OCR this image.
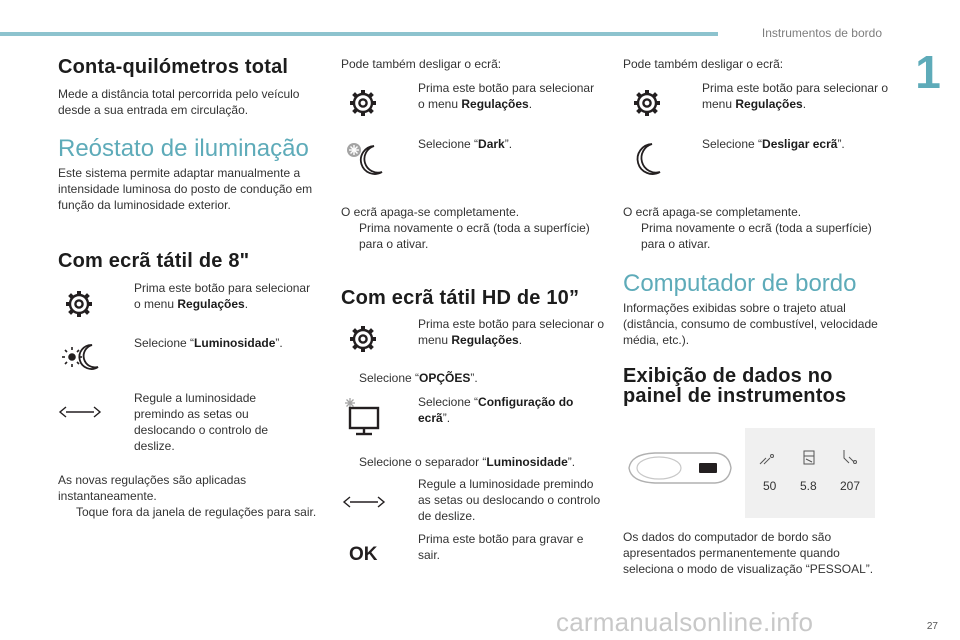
Instrumentos de bordo
1
Conta-quilómetros total
Mede a distância total percorrida pelo veículo desde a sua entrada em circulação.
Reóstato de iluminação
Este sistema permite adaptar manualmente a intensidade luminosa do posto de condução em função da luminosidade exterior.
Com ecrã tátil de 8"
Prima este botão para selecionar o menu Regulações.
Selecione “Luminosidade”.
Regule a luminosidade premindo as setas ou deslocando o controlo de deslize.
As novas regulações são aplicadas instantaneamente.
Toque fora da janela de regulações para sair.
Pode também desligar o ecrã:
Prima este botão para selecionar o menu Regulações.
Selecione “Dark”.
O ecrã apaga-se completamente.
Prima novamente o ecrã (toda a superfície) para o ativar.
Com ecrã tátil HD de 10”
Prima este botão para selecionar o menu Regulações.
Selecione “OPÇÕES”.
Selecione “Configuração do ecrã”.
Selecione o separador “Luminosidade”.
Regule a luminosidade premindo as setas ou deslocando o controlo de deslize.
OK
Prima este botão para gravar e sair.
Pode também desligar o ecrã:
Prima este botão para selecionar o menu Regulações.
Selecione “Desligar ecrã”.
O ecrã apaga-se completamente.
Prima novamente o ecrã (toda a superfície) para o ativar.
Computador de bordo
Informações exibidas sobre o trajeto atual (distância, consumo de combustível, velocidade média, etc.).
Exibição de dados no
painel de instrumentos
50 5.8 207
Os dados do computador de bordo são apresentados permanentemente quando seleciona o modo de visualização “PESSOAL”.
27
carmanualsonline.info
